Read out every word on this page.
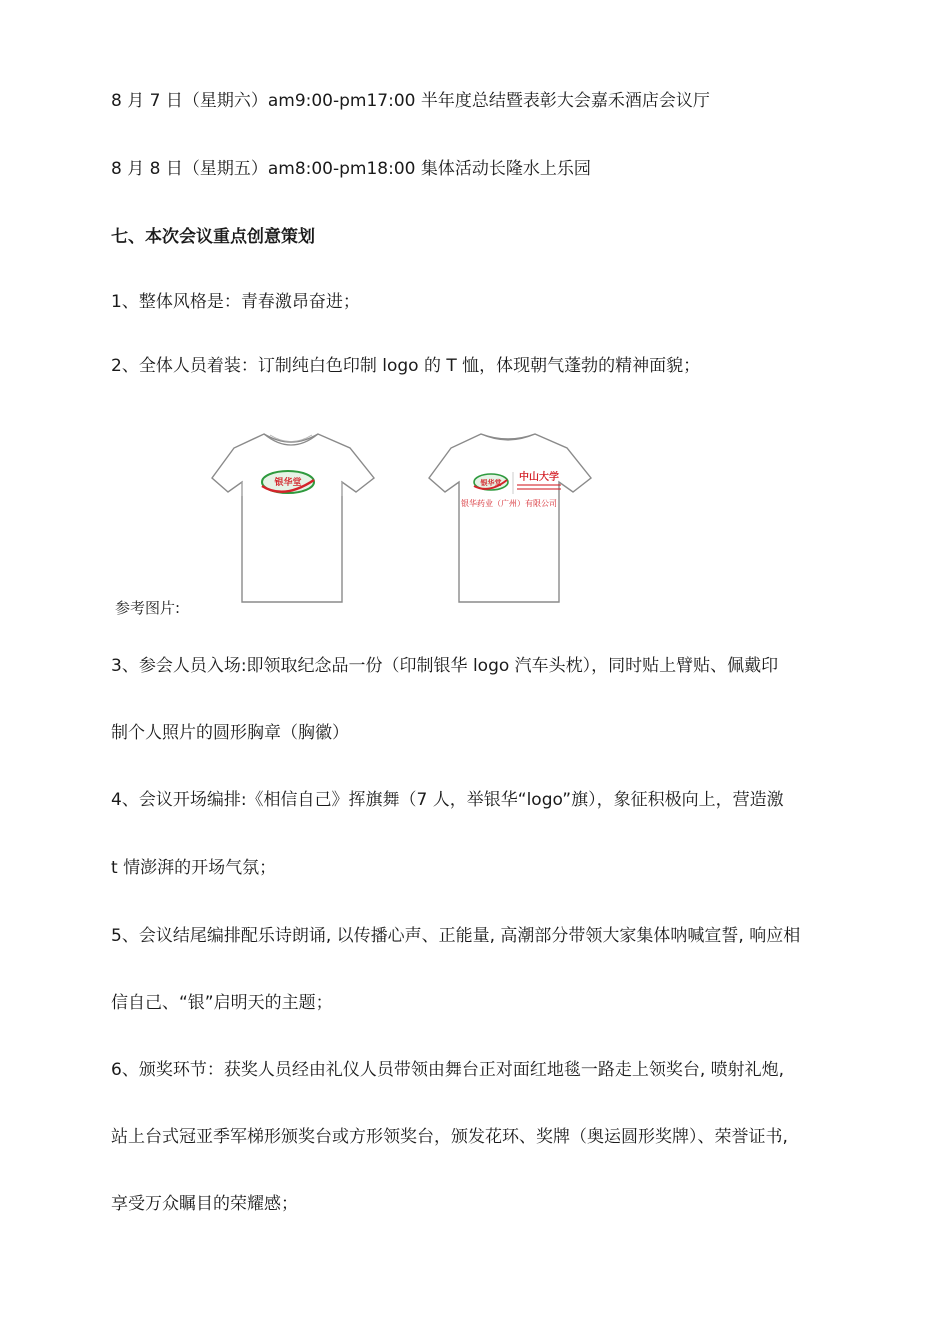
8 月 7 日（星期六）am9:00-pm17:00 半年度总结暨表彰大会嘉禾酒店会议厅

8 月 8 日（星期五）am8:00-pm18:00 集体活动长隆水上乐园

七、本次会议重点创意策划

1、整体风格是：青春激昂奋进；

2、全体人员着装：订制纯白色印制 logo 的 T 恤，体现朝气蓬勃的精神面貌；

银华堂	银华堂 中山大学
银华药业（广州）有限公司
参考图片:

3、参会人员入场:即领取纪念品一份（印制银华 logo 汽车头枕），同时贴上臂贴、佩戴印

制个人照片的圆形胸章（胸徽）

4、会议开场编排:《相信自己》挥旗舞（7 人，举银华“logo”旗），象征积极向上，营造激

t 情澎湃的开场气氛；

5、会议结尾编排配乐诗朗诵, 以传播心声、正能量, 高潮部分带领大家集体呐喊宣誓, 响应相

信自己、“银”启明天的主题；

6、颁奖环节：获奖人员经由礼仪人员带领由舞台正对面红地毯一路走上领奖台, 喷射礼炮,

站上台式冠亚季军梯形颁奖台或方形领奖台，颁发花环、奖牌（奥运圆形奖牌）、荣誉证书,

享受万众瞩目的荣耀感；
